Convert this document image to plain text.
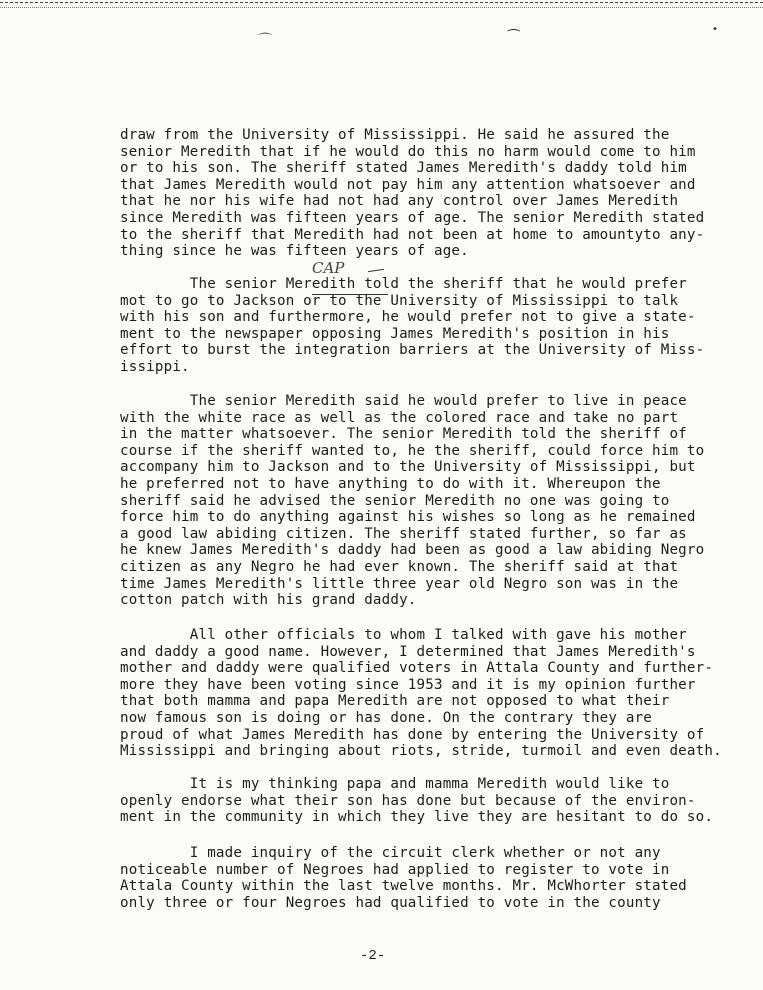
⌒	⁀
•
draw from the University of Mississippi. He said he assured the
senior Meredith that if he would do this no harm would come to him
or to his son. The sheriff stated James Meredith's daddy told him
that James Meredith would not pay him any attention whatsoever and
that he nor his wife had not had any control over James Meredith
since Meredith was fifteen years of age. The senior Meredith stated
to the sheriff that Meredith had not been at home to amountyto any-
thing since he was fifteen years of age.
CAP
The senior Meredith told the sheriff that he would prefer
mot to go to Jackson or to the University of Mississippi to talk
with his son and furthermore, he would prefer not to give a state-
ment to the newspaper opposing James Meredith's position in his
effort to burst the integration barriers at the University of Miss-
issippi.
The senior Meredith said he would prefer to live in peace
with the white race as well as the colored race and take no part
in the matter whatsoever. The senior Meredith told the sheriff of
course if the sheriff wanted to, he the sheriff, could force him to
accompany him to Jackson and to the University of Mississippi, but
he preferred not to have anything to do with it. Whereupon the
sheriff said he advised the senior Meredith no one was going to
force him to do anything against his wishes so long as he remained
a good law abiding citizen. The sheriff stated further, so far as
he knew James Meredith's daddy had been as good a law abiding Negro
citizen as any Negro he had ever known. The sheriff said at that
time James Meredith's little three year old Negro son was in the
cotton patch with his grand daddy.
All other officials to whom I talked with gave his mother
and daddy a good name. However, I determined that James Meredith's
mother and daddy were qualified voters in Attala County and further-
more they have been voting since 1953 and it is my opinion further
that both mamma and papa Meredith are not opposed to what their
now famous son is doing or has done. On the contrary they are
proud of what James Meredith has done by entering the University of
Mississippi and bringing about riots, stride, turmoil and even death.
It is my thinking papa and mamma Meredith would like to
openly endorse what their son has done but because of the environ-
ment in the community in which they live they are hesitant to do so.
I made inquiry of the circuit clerk whether or not any
noticeable number of Negroes had applied to register to vote in
Attala County within the last twelve months. Mr. McWhorter stated
only three or four Negroes had qualified to vote in the county
-2-
